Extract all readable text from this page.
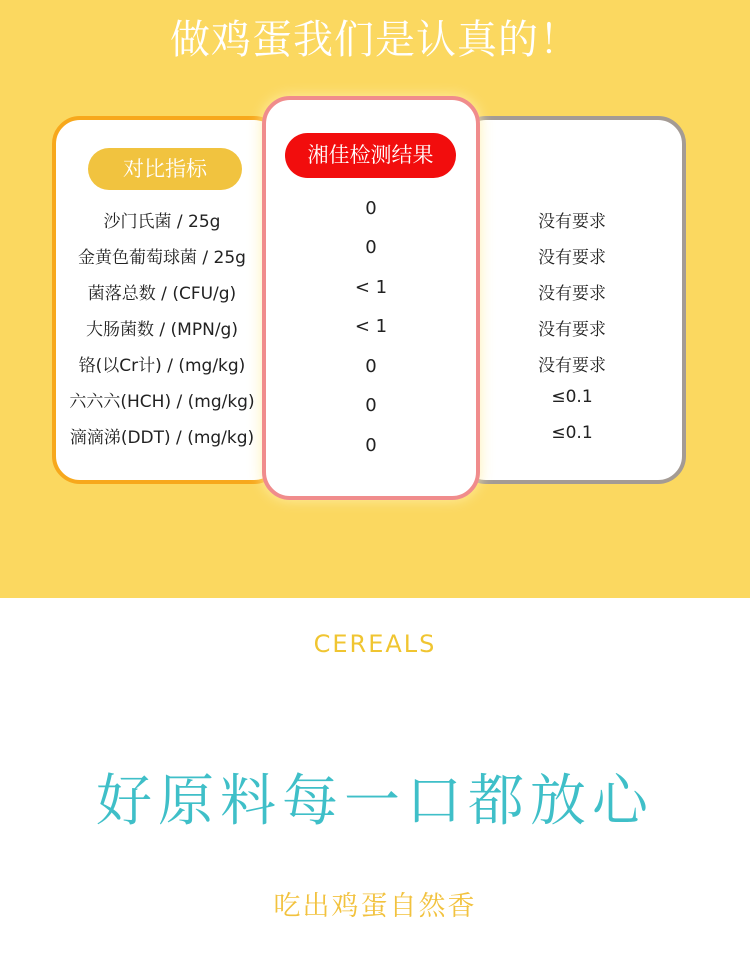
做鸡蛋我们是认真的！
对比指标
湘佳检测结果
沙门氏菌 / 25g
金黄色葡萄球菌 / 25g
菌落总数 / (CFU/g)
大肠菌数 / (MPN/g)
铬(以Cr计) / (mg/kg)
六六六(HCH) / (mg/kg)
滴滴涕(DDT) / (mg/kg)
0
0
< 1
< 1
0
0
0
没有要求
没有要求
没有要求
没有要求
没有要求
≤0.1
≤0.1
CEREALS
好原料每一口都放心
吃出鸡蛋自然香
